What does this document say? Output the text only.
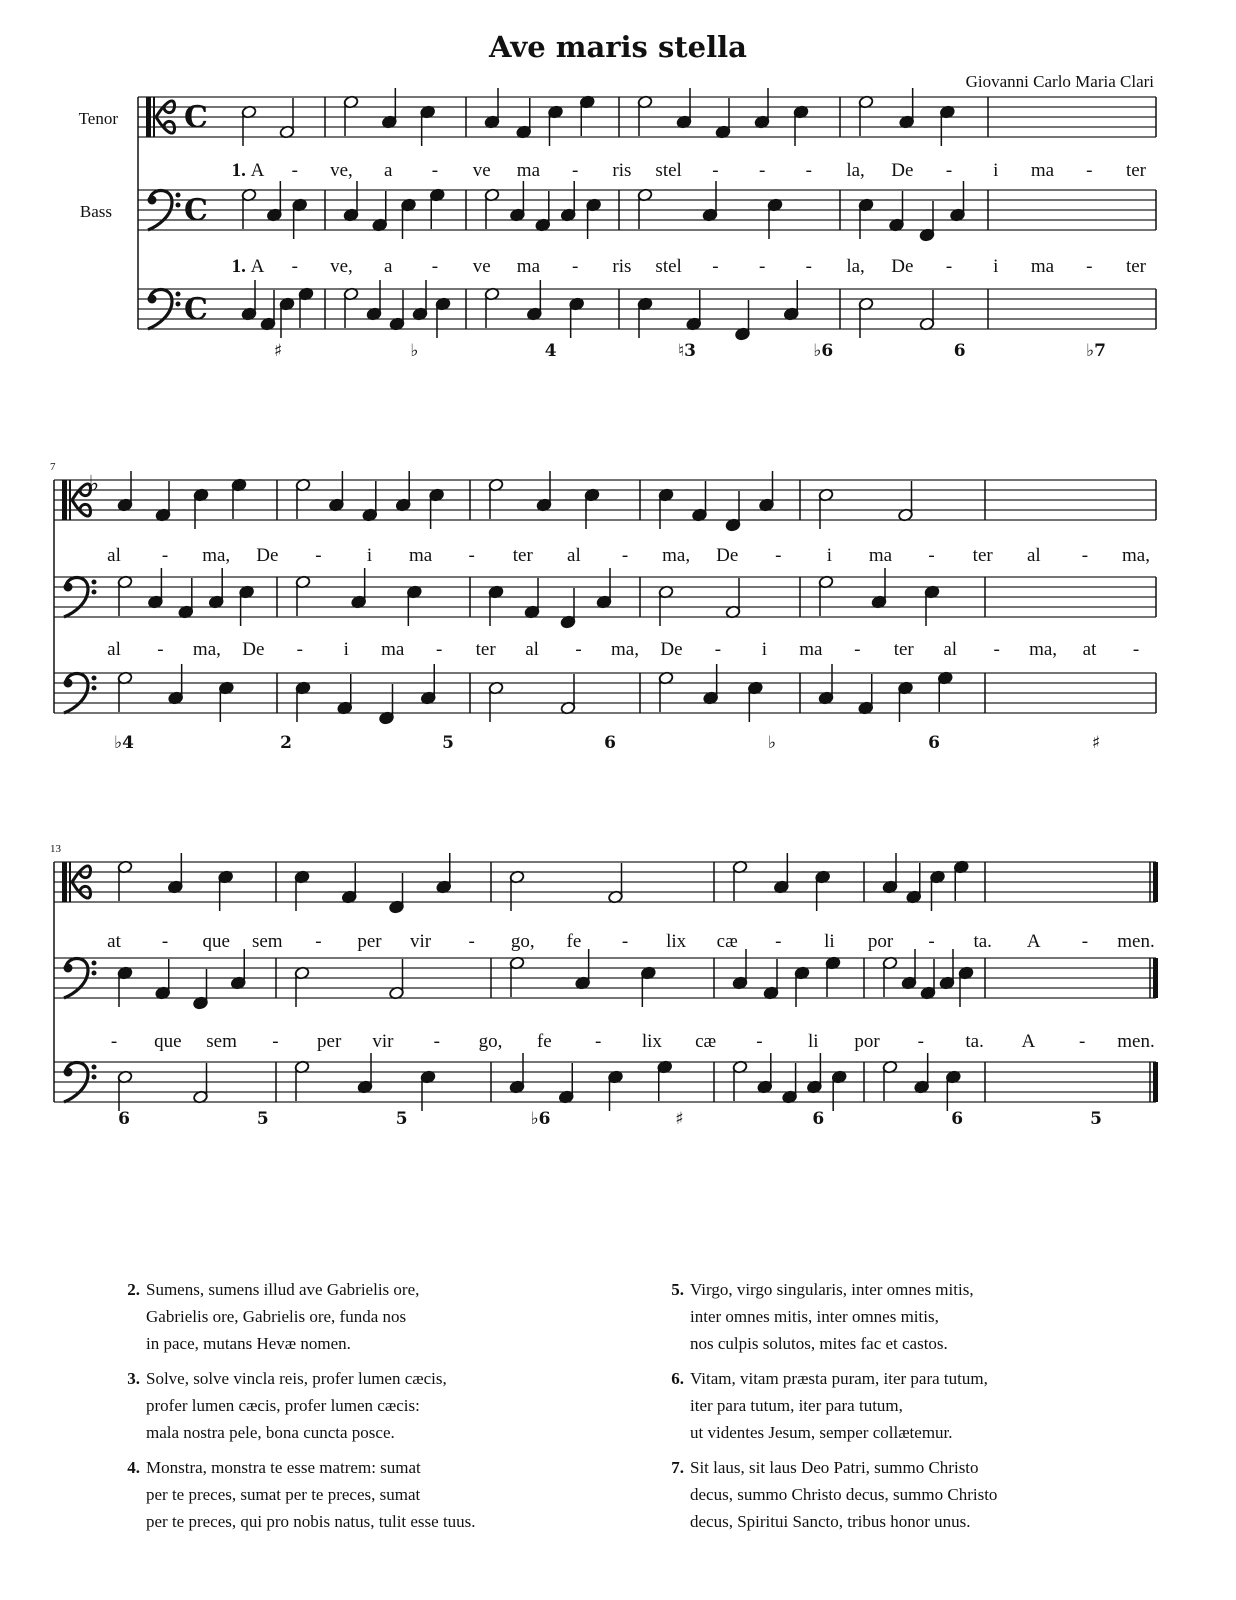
Ave maris stella
Giovanni Carlo Maria Clari
C
C
C
Tenor
Bass
1. A - ve, a - ve ma - ris stel - - - la, De - i ma - ter
1. A - ve, a - ve ma - ris stel - - - la, De - i ma - ter
♯	♭	4	♮3	♭6	6	♭7
♭
7
al - ma, De - i ma - ter al - ma, De - i ma - ter al - ma,
al - ma, De - i ma - ter al - ma, De - i ma - ter al - ma, at -
♭4	2	5	6	♭	6	♯
13
at - que sem - per vir - go, fe - lix cæ - li por - ta. A - men.
- que sem - per vir - go, fe - lix cæ - li por - ta. A - men.
6	5	5	♭6	♯	6	6	5
2. Sumens, sumens illud ave Gabrielis ore,
Gabrielis ore, Gabrielis ore, funda nos
in pace, mutans Hevæ nomen.
3. Solve, solve vincla reis, profer lumen cæcis,
profer lumen cæcis, profer lumen cæcis:
mala nostra pele, bona cuncta posce.
4. Monstra, monstra te esse matrem: sumat
per te preces, sumat per te preces, sumat
per te preces, qui pro nobis natus, tulit esse tuus.
5. Virgo, virgo singularis, inter omnes mitis,
inter omnes mitis, inter omnes mitis,
nos culpis solutos, mites fac et castos.
6. Vitam, vitam præsta puram, iter para tutum,
iter para tutum, iter para tutum,
ut videntes Jesum, semper collætemur.
7. Sit laus, sit laus Deo Patri, summo Christo
decus, summo Christo decus, summo Christo
decus, Spiritui Sancto, tribus honor unus.
